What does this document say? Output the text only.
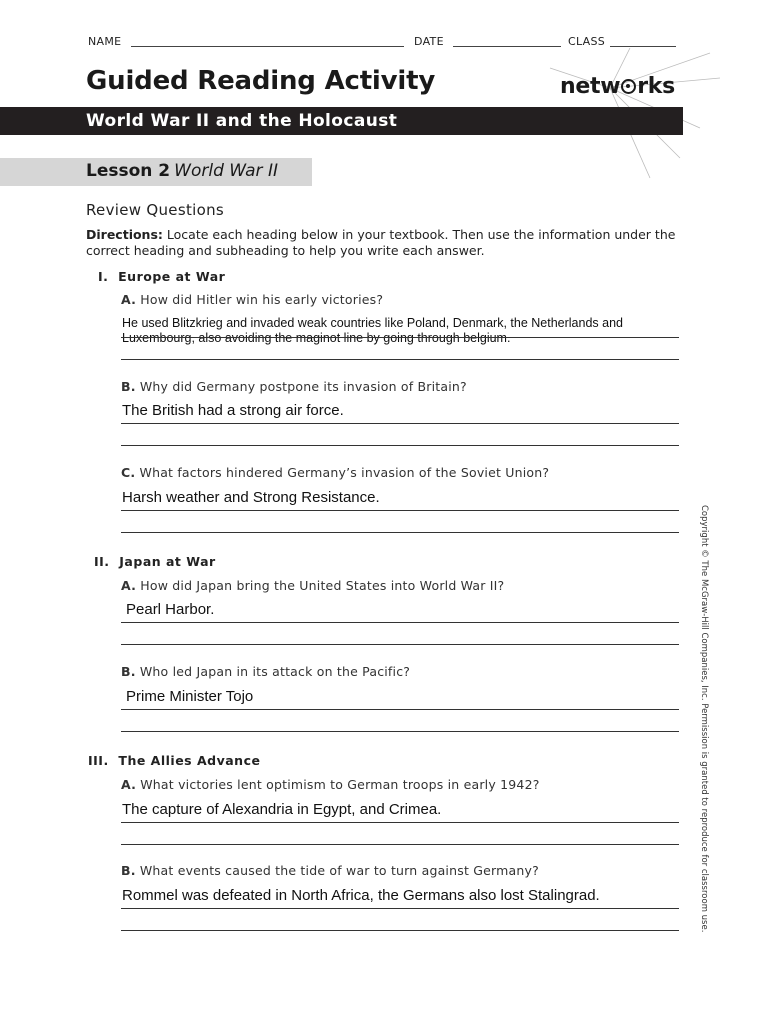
NAME	DATE	CLASS
Guided Reading Activity	netw rks
World War II and the Holocaust
Lesson 2 World War II
Review Questions
Directions: Locate each heading below in your textbook. Then use the information under the correct heading and subheading to help you write each answer.
I. Europe at War
A. How did Hitler win his early victories?
He used Blitzkrieg and invaded weak countries like Poland, Denmark, the Netherlands and Luxembourg, also avoiding the maginot line by going through belgium.
B. Why did Germany postpone its invasion of Britain?
The British had a strong air force.
C. What factors hindered Germany’s invasion of the Soviet Union?
Harsh weather and Strong Resistance.
II. Japan at War
A. How did Japan bring the United States into World War II?
Pearl Harbor.
B. Who led Japan in its attack on the Pacific?
Prime Minister Tojo
III. The Allies Advance
A. What victories lent optimism to German troops in early 1942?
The capture of Alexandria in Egypt, and Crimea.
B. What events caused the tide of war to turn against Germany?
Rommel was defeated in North Africa, the Germans also lost Stalingrad.	Copyright © The McGraw-Hill Companies, Inc. Permission is granted to reproduce for classroom use.
